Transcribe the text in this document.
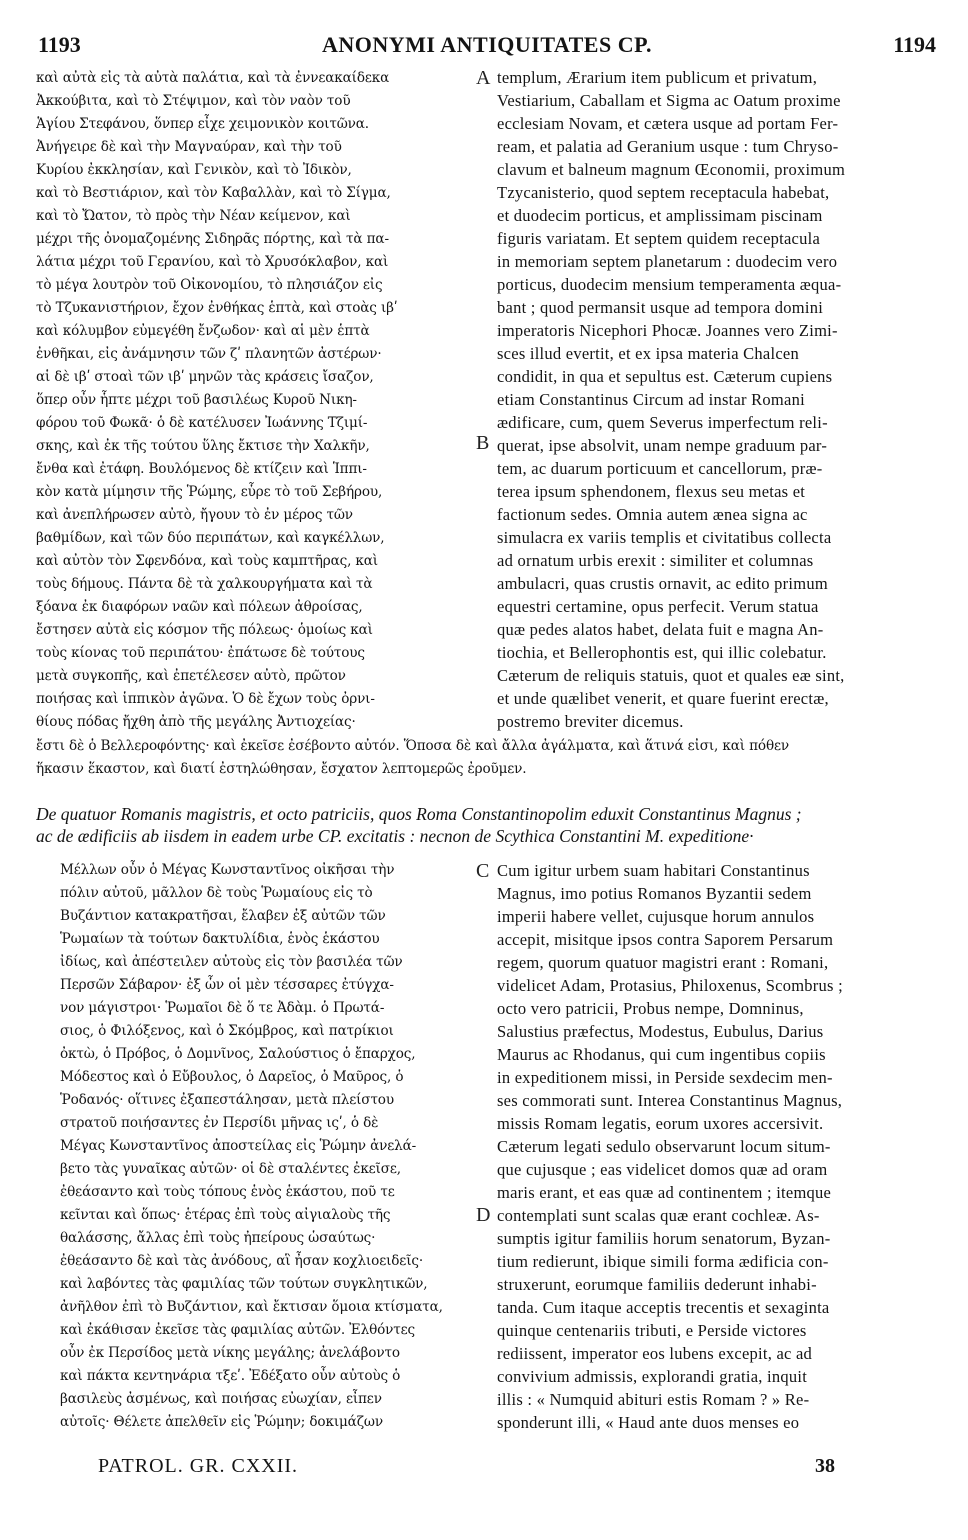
1193	ANONYMI ANTIQUITATES CP.	1194
καὶ αὐτὰ εἰς τὰ αὐτὰ παλάτια, καὶ τὰ ἐννεακαίδεκα
Ἀκκούβιτα, καὶ τὸ Στέψιμον, καὶ τὸν ναὸν τοῦ
Ἁγίου Στεφάνου, ὅνπερ εἶχε χειμονικὸν κοιτῶνα.
Ἀνήγειρε δὲ καὶ τὴν Μαγναύραν, καὶ τὴν τοῦ
Κυρίου ἐκκλησίαν, καὶ Γενικὸν, καὶ τὸ Ἰδικὸν,
καὶ τὸ Βεστιάριον, καὶ τὸν Καβαλλὰν, καὶ τὸ Σίγμα,
καὶ τὸ Ὤατον, τὸ πρὸς τὴν Νέαν κείμενον, καὶ
μέχρι τῆς ὀνομαζομένης Σιδηρᾶς πόρτης, καὶ τὰ πα-
λάτια μέχρι τοῦ Γερανίου, καὶ τὸ Χρυσόκλαβον, καὶ
τὸ μέγα λουτρὸν τοῦ Οἰκονομίου, τὸ πλησιάζον εἰς
τὸ Τζυκανιστήριον, ἔχον ἐνθήκας ἑπτὰ, καὶ στοὰς ιβʹ
καὶ κόλυμβον εὐμεγέθη ἔνζωδον· καὶ αἱ μὲν ἑπτὰ
ἐνθῆκαι, εἰς ἀνάμνησιν τῶν ζʹ πλανητῶν ἀστέρων·
αἱ δὲ ιβʹ στοαὶ τῶν ιβʹ μηνῶν τὰς κράσεις ἴσαζον,
ὅπερ οὖν ἧπτε μέχρι τοῦ βασιλέως Κυροῦ Νικη-
φόρου τοῦ Φωκᾶ· ὁ δὲ κατέλυσεν Ἰωάννης Τζιμί-
σκης, καὶ ἐκ τῆς τούτου ὕλης ἔκτισε τὴν Χαλκῆν,
ἔνθα καὶ ἐτάφη. Βουλόμενος δὲ κτίζειν καὶ Ἱππι-
κὸν κατὰ μίμησιν τῆς Ῥώμης, εὗρε τὸ τοῦ Σεβήρου,
καὶ ἀνεπλήρωσεν αὐτὸ, ἤγουν τὸ ἐν μέρος τῶν
βαθμίδων, καὶ τῶν δύο περιπάτων, καὶ καγκέλλων,
καὶ αὐτὸν τὸν Σφενδόνα, καὶ τοὺς καμπτῆρας, καὶ
τοὺς δήμους. Πάντα δὲ τὰ χαλκουργήματα καὶ τὰ
ξόανα ἐκ διαφόρων ναῶν καὶ πόλεων ἀθροίσας,
ἔστησεν αὐτὰ εἰς κόσμον τῆς πόλεως· ὁμοίως καὶ
τοὺς κίονας τοῦ περιπάτου· ἐπάτωσε δὲ τούτους
μετὰ συγκοπῆς, καὶ ἐπετέλεσεν αὐτὸ, πρῶτον
ποιήσας καὶ ἱππικὸν ἀγῶνα. Ὁ δὲ ἔχων τοὺς ὀρνι-
θίους πόδας ἤχθη ἀπὸ τῆς μεγάλης Ἀντιοχείας·
templum, Ærarium item publicum et privatum,
Vestiarium, Caballam et Sigma ac Oatum proxime
ecclesiam Novam, et cætera usque ad portam Fer-
ream, et palatia ad Geranium usque : tum Chryso-
clavum et balneum magnum Œconomii, proximum
Tzycanisterio, quod septem receptacula habebat,
et duodecim porticus, et amplissimam piscinam
figuris variatam. Et septem quidem receptacula
in memoriam septem planetarum : duodecim vero
porticus, duodecim mensium temperamenta æqua-
bant ; quod permansit usque ad tempora domini
imperatoris Nicephori Phocæ. Joannes vero Zimi-
sces illud evertit, et ex ipsa materia Chalcen
condidit, in qua et sepultus est. Cæterum cupiens
etiam Constantinus Circum ad instar Romani
ædificare, cum, quem Severus imperfectum reli-
querat, ipse absolvit, unam nempe graduum par-
tem, ac duarum porticuum et cancellorum, præ-
terea ipsum sphendonem, flexus seu metas et
factionum sedes. Omnia autem ænea signa ac
simulacra ex variis templis et civitatibus collecta
ad ornatum urbis erexit : similiter et columnas
ambulacri, quas crustis ornavit, ac edito primum
equestri certamine, opus perfecit. Verum statua
quæ pedes alatos habet, delata fuit e magna An-
tiochia, et Bellerophontis est, qui illic colebatur.
Cæterum de reliquis statuis, quot et quales eæ sint,
et unde quælibet venerit, et quare fuerint erectæ,
postremo breviter dicemus.
A
B
ἔστι δὲ ὁ Βελλεροφόντης· καὶ ἐκεῖσε ἐσέβοντο αὐτόν. Ὅποσα δὲ καὶ ἄλλα ἀγάλματα, καὶ ἅτινά εἰσι, καὶ πόθεν
ἥκασιν ἕκαστον, καὶ διατί ἐστηλώθησαν, ἔσχατον λεπτομερῶς ἐροῦμεν.
De quatuor Romanis magistris, et octo patriciis, quos Roma Constantinopolim eduxit Constantinus Magnus ;
ac de ædificiis ab iisdem in eadem urbe CP. excitatis : necnon de Scythica Constantini M. expeditione·
Μέλλων οὖν ὁ Μέγας Κωνσταντῖνος οἰκῆσαι τὴν
πόλιν αὐτοῦ, μᾶλλον δὲ τοὺς Ῥωμαίους εἰς τὸ
Βυζάντιον κατακρατῆσαι, ἔλαβεν ἐξ αὐτῶν τῶν
Ῥωμαίων τὰ τούτων δακτυλίδια, ἑνὸς ἑκάστου
ἰδίως, καὶ ἀπέστειλεν αὐτοὺς εἰς τὸν βασιλέα τῶν
Περσῶν Σάβαρον· ἐξ ὧν οἱ μὲν τέσσαρες ἐτύγχα-
νον μάγιστροι· Ῥωμαῖοι δὲ ὅ τε Ἀδὰμ. ὁ Πρωτά-
σιος, ὁ Φιλόξενος, καὶ ὁ Σκόμβρος, καὶ πατρίκιοι
ὀκτὼ, ὁ Πρόβος, ὁ Δομνῖνος, Σαλούστιος ὁ ἔπαρχος,
Μόδεστος καὶ ὁ Εὔβουλος, ὁ Δαρεῖος, ὁ Μαῦρος, ὁ
Ῥοδανός· οἵτινες ἐξαπεστάλησαν, μετὰ πλείστου
στρατοῦ ποιήσαντες ἐν Περσίδι μῆνας ιςʹ, ὁ δὲ
Μέγας Κωνσταντῖνος ἀποστείλας εἰς Ῥώμην ἀνελά-
βετο τὰς γυναῖκας αὐτῶν· οἱ δὲ σταλέντες ἐκεῖσε,
ἐθεάσαντο καὶ τοὺς τόπους ἑνὸς ἑκάστου, ποῦ τε
κεῖνται καὶ ὅπως· ἑτέρας ἐπὶ τοὺς αἰγιαλοὺς τῆς
θαλάσσης, ἄλλας ἐπὶ τοὺς ἠπείρους ὡσαύτως·
ἐθεάσαντο δὲ καὶ τὰς ἀνόδους, αἳ ἦσαν κοχλιοειδεῖς·
καὶ λαβόντες τὰς φαμιλίας τῶν τούτων συγκλητικῶν,
ἀνῆλθον ἐπὶ τὸ Βυζάντιον, καὶ ἔκτισαν ὅμοια κτίσματα,
καὶ ἐκάθισαν ἐκεῖσε τὰς φαμιλίας αὐτῶν. Ἐλθόντες
οὖν ἐκ Περσίδος μετὰ νίκης μεγάλης; ἀνελάβοντο
καὶ πάκτα κεντηνάρια τξεʹ. Ἐδέξατο οὖν αὐτοὺς ὁ
βασιλεὺς ἀσμένως, καὶ ποιήσας εὐωχίαν, εἶπεν
αὐτοῖς· Θέλετε ἀπελθεῖν εἰς Ῥώμην; δοκιμάζων
Cum igitur urbem suam habitari Constantinus
Magnus, imo potius Romanos Byzantii sedem
imperii habere vellet, cujusque horum annulos
accepit, misitque ipsos contra Saporem Persarum
regem, quorum quatuor magistri erant : Romani,
videlicet Adam, Protasius, Philoxenus, Scombrus ;
octo vero patricii, Probus nempe, Domninus,
Salustius præfectus, Modestus, Eubulus, Darius
Maurus ac Rhodanus, qui cum ingentibus copiis
in expeditionem missi, in Perside sexdecim men-
ses commorati sunt. Interea Constantinus Magnus,
missis Romam legatis, eorum uxores accersivit.
Cæterum legati sedulo observarunt locum situm-
que cujusque ; eas videlicet domos quæ ad oram
maris erant, et eas quæ ad continentem ; itemque
contemplati sunt scalas quæ erant cochleæ. As-
sumptis igitur familiis horum senatorum, Byzan-
tium redierunt, ibique simili forma ædificia con-
struxerunt, eorumque familiis dederunt inhabi-
tanda. Cum itaque acceptis trecentis et sexaginta
quinque centenariis tributi, e Perside victores
rediissent, imperator eos lubens excepit, ac ad
convivium admissis, explorandi gratia, inquit
illis : « Numquid abituri estis Romam ? » Re-
sponderunt illi, « Haud ante duos menses eo
C
D
PATROL. GR. CXXII.	38
